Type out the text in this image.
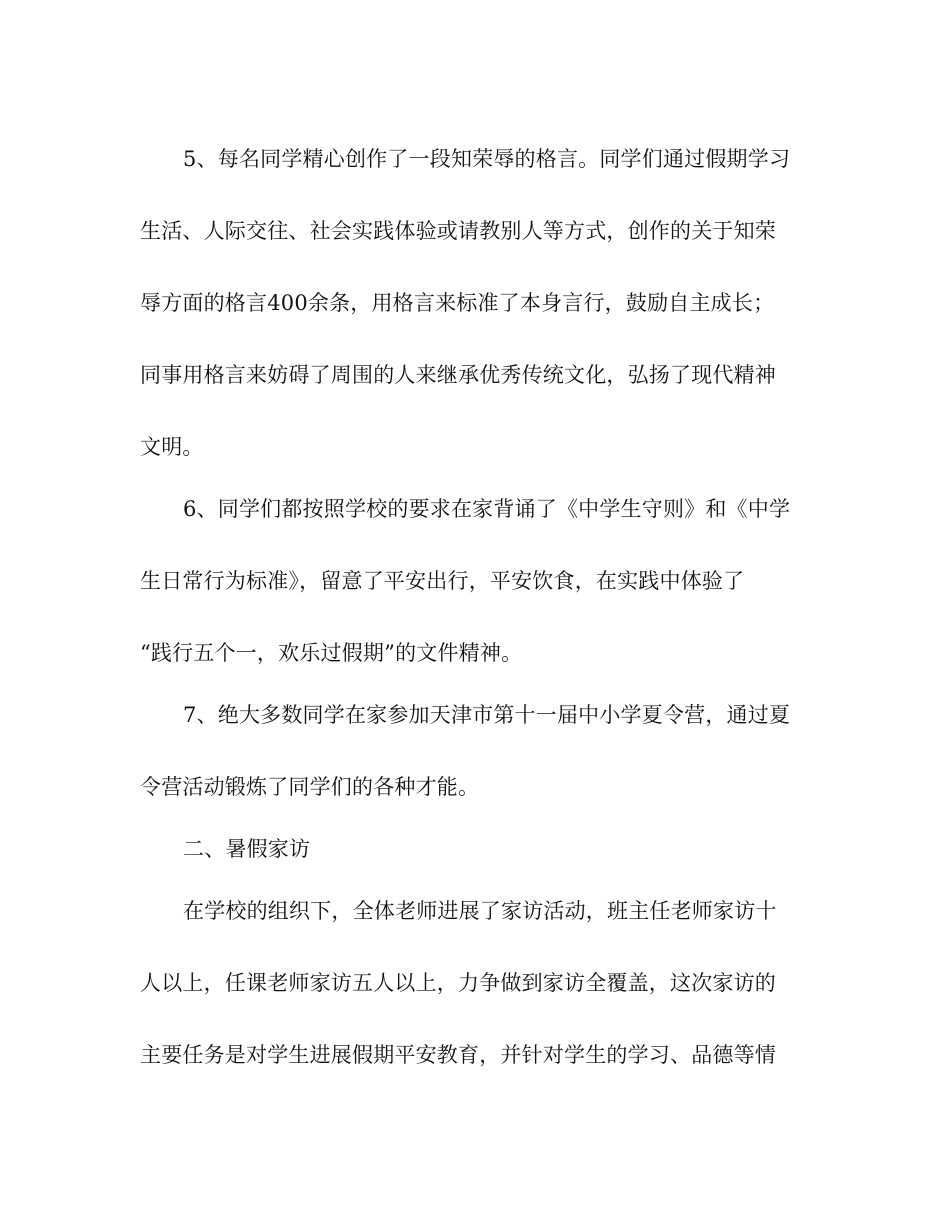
5、每名同学精心创作了一段知荣辱的格言。同学们通过假期学习
生活、人际交往、社会实践体验或请教别人等方式，创作的关于知荣
辱方面的格言400余条，用格言来标准了本身言行，鼓励自主成长；
同事用格言来妨碍了周围的人来继承优秀传统文化，弘扬了现代精神
文明。
6、同学们都按照学校的要求在家背诵了《中学生守则》和《中学
生日常行为标准》，留意了平安出行，平安饮食，在实践中体验了
“践行五个一，欢乐过假期”的文件精神。
7、绝大多数同学在家参加天津市第十一届中小学夏令营，通过夏
令营活动锻炼了同学们的各种才能。
二、暑假家访
在学校的组织下，全体老师进展了家访活动，班主任老师家访十
人以上，任课老师家访五人以上，力争做到家访全覆盖，这次家访的
主要任务是对学生进展假期平安教育，并针对学生的学习、品德等情
